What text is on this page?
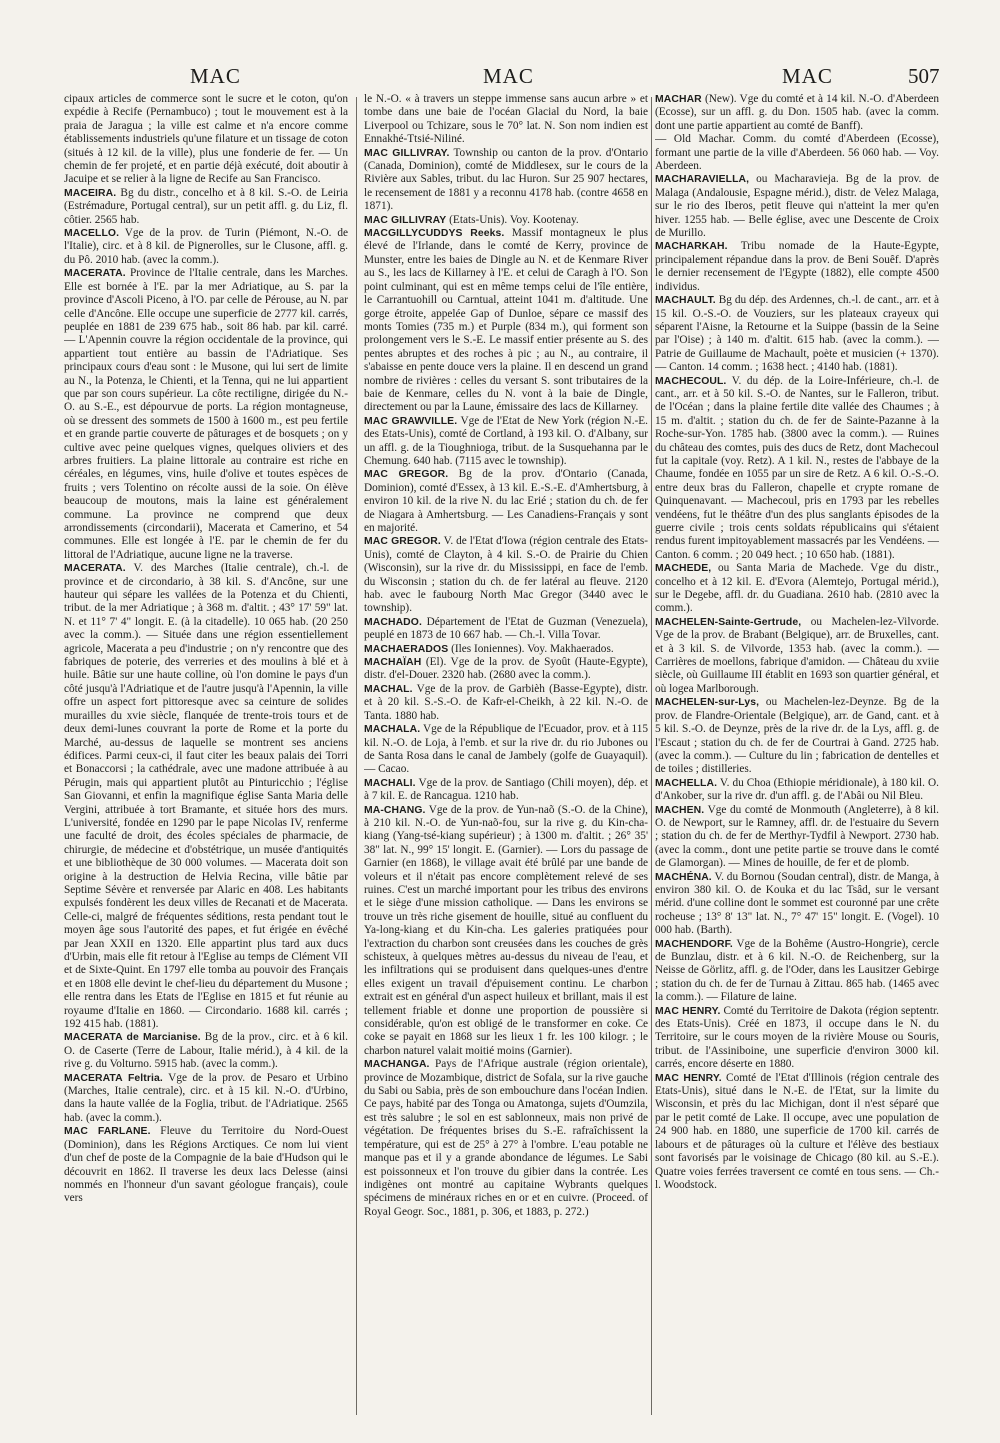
MAC	MAC	MAC	507

cipaux articles de commerce sont le sucre et le coton, qu'on expédie à Recife (Pernambuco) ; tout le mouvement est à la praia de Jaragua ; la ville est calme et n'a encore comme établissements industriels qu'une filature et un tissage de coton (situés à 12 kil. de la ville), plus une fonderie de fer. — Un chemin de fer projeté, et en partie déjà exécuté, doit aboutir à Jacuipe et se relier à la ligne de Recife au San Francisco.

MACEIRA. Bg du distr., concelho et à 8 kil. S.-O. de Leiria (Estrémadure, Portugal central), sur un petit affl. g. du Liz, fl. côtier. 2565 hab.

MACELLO. Vge de la prov. de Turin (Piémont, N.-O. de l'Italie), circ. et à 8 kil. de Pignerolles, sur le Clusone, affl. g. du Pô. 2010 hab. (avec la comm.).

MACERATA. Province de l'Italie centrale, dans les Marches. Elle est bornée à l'E. par la mer Adriatique, au S. par la province d'Ascoli Piceno, à l'O. par celle de Pérouse, au N. par celle d'Ancône. Elle occupe une superficie de 2777 kil. carrés, peuplée en 1881 de 239 675 hab., soit 86 hab. par kil. carré. — L'Apennin couvre la région occidentale de la province, qui appartient tout entière au bassin de l'Adriatique. Ses principaux cours d'eau sont : le Musone, qui lui sert de limite au N., la Potenza, le Chienti, et la Tenna, qui ne lui appartient que par son cours supérieur. La côte rectiligne, dirigée du N.-O. au S.-E., est dépourvue de ports. La région montagneuse, où se dressent des sommets de 1500 à 1600 m., est peu fertile et en grande partie couverte de pâturages et de bosquets ; on y cultive avec peine quelques vignes, quelques oliviers et des arbres fruitiers. La plaine littorale au contraire est riche en céréales, en légumes, vins, huile d'olive et toutes espèces de fruits ; vers Tolentino on récolte aussi de la soie. On élève beaucoup de moutons, mais la laine est généralement commune. La province ne comprend que deux arrondissements (circondarii), Macerata et Camerino, et 54 communes. Elle est longée à l'E. par le chemin de fer du littoral de l'Adriatique, aucune ligne ne la traverse.

MACERATA. V. des Marches (Italie centrale), ch.-l. de province et de circondario, à 38 kil. S. d'Ancône, sur une hauteur qui sépare les vallées de la Potenza et du Chienti, tribut. de la mer Adriatique ; à 368 m. d'altit. ; 43° 17' 59" lat. N. et 11° 7' 4" longit. E. (à la citadelle). 10 065 hab. (20 250 avec la comm.). — Située dans une région essentiellement agricole, Macerata a peu d'industrie ; on n'y rencontre que des fabriques de poterie, des verreries et des moulins à blé et à huile. Bâtie sur une haute colline, où l'on domine le pays d'un côté jusqu'à l'Adriatique et de l'autre jusqu'à l'Apennin, la ville offre un aspect fort pittoresque avec sa ceinture de solides murailles du xvie siècle, flanquée de trente-trois tours et de deux demi-lunes couvrant la porte de Rome et la porte du Marché, au-dessus de laquelle se montrent ses anciens édifices. Parmi ceux-ci, il faut citer les beaux palais dei Torri et Bonaccorsi ; la cathédrale, avec une madone attribuée à au Pérugin, mais qui appartient plutôt au Pinturicchio ; l'église San Giovanni, et enfin la magnifique église Santa Maria delle Vergini, attribuée à tort Bramante, et située hors des murs. L'université, fondée en 1290 par le pape Nicolas IV, renferme une faculté de droit, des écoles spéciales de pharmacie, de chirurgie, de médecine et d'obstétrique, un musée d'antiquités et une bibliothèque de 30 000 volumes. — Macerata doit son origine à la destruction de Helvia Recina, ville bâtie par Septime Sévère et renversée par Alaric en 408. Les habitants expulsés fondèrent les deux villes de Recanati et de Macerata. Celle-ci, malgré de fréquentes séditions, resta pendant tout le moyen âge sous l'autorité des papes, et fut érigée en évêché par Jean XXII en 1320. Elle appartint plus tard aux ducs d'Urbin, mais elle fit retour à l'Eglise au temps de Clément VII et de Sixte-Quint. En 1797 elle tomba au pouvoir des Français et en 1808 elle devint le chef-lieu du département du Musone ; elle rentra dans les Etats de l'Eglise en 1815 et fut réunie au royaume d'Italie en 1860. — Circondario. 1688 kil. carrés ; 192 415 hab. (1881).

MACERATA de Marcianise. Bg de la prov., circ. et à 6 kil. O. de Caserte (Terre de Labour, Italie mérid.), à 4 kil. de la rive g. du Volturno. 5915 hab. (avec la comm.).

MACERATA Feltria. Vge de la prov. de Pesaro et Urbino (Marches, Italie centrale), circ. et à 15 kil. N.-O. d'Urbino, dans la haute vallée de la Foglia, tribut. de l'Adriatique. 2565 hab. (avec la comm.).

MAC FARLANE. Fleuve du Territoire du Nord-Ouest (Dominion), dans les Régions Arctiques. Ce nom lui vient d'un chef de poste de la Compagnie de la baie d'Hudson qui le découvrit en 1862. Il traverse les deux lacs Delesse (ainsi nommés en l'honneur d'un savant géologue français), coule vers

le N.-O. « à travers un steppe immense sans aucun arbre » et tombe dans une baie de l'océan Glacial du Nord, la baie Liverpool ou Tchizare, sous le 70° lat. N. Son nom indien est Ennakhé-Ttsié-Niliné.

MAC GILLIVRAY. Township ou canton de la prov. d'Ontario (Canada, Dominion), comté de Middlesex, sur le cours de la Rivière aux Sables, tribut. du lac Huron. Sur 25 907 hectares, le recensement de 1881 y a reconnu 4178 hab. (contre 4658 en 1871).

MAC GILLIVRAY (Etats-Unis). Voy. Kootenay.

MACGILLYCUDDYS Reeks. Massif montagneux le plus élevé de l'Irlande, dans le comté de Kerry, province de Munster, entre les baies de Dingle au N. et de Kenmare River au S., les lacs de Killarney à l'E. et celui de Caragh à l'O. Son point culminant, qui est en même temps celui de l'île entière, le Carrantuohill ou Carntual, atteint 1041 m. d'altitude. Une gorge étroite, appelée Gap of Dunloe, sépare ce massif des monts Tomies (735 m.) et Purple (834 m.), qui forment son prolongement vers le S.-E. Le massif entier présente au S. des pentes abruptes et des roches à pic ; au N., au contraire, il s'abaisse en pente douce vers la plaine. Il en descend un grand nombre de rivières : celles du versant S. sont tributaires de la baie de Kenmare, celles du N. vont à la baie de Dingle, directement ou par la Laune, émissaire des lacs de Killarney.

MAC GRAWVILLE. Vge de l'Etat de New York (région N.-E. des Etats-Unis), comté de Cortland, à 193 kil. O. d'Albany, sur un affl. g. de la Tioughnioga, tribut. de la Susquehanna par le Chemung. 640 hab. (7115 avec le township).

MAC GREGOR. Bg de la prov. d'Ontario (Canada, Dominion), comté d'Essex, à 13 kil. E.-S.-E. d'Amhertsburg, à environ 10 kil. de la rive N. du lac Erié ; station du ch. de fer de Niagara à Amhertsburg. — Les Canadiens-Français y sont en majorité.

MAC GREGOR. V. de l'Etat d'Iowa (région centrale des Etats-Unis), comté de Clayton, à 4 kil. S.-O. de Prairie du Chien (Wisconsin), sur la rive dr. du Mississippi, en face de l'emb. du Wisconsin ; station du ch. de fer latéral au fleuve. 2120 hab. avec le faubourg North Mac Gregor (3440 avec le township).

MACHADO. Département de l'Etat de Guzman (Venezuela), peuplé en 1873 de 10 667 hab. — Ch.-l. Villa Tovar.

MACHAERADOS (Iles Ioniennes). Voy. Makhaerados.

MACHAÏAH (El). Vge de la prov. de Syoût (Haute-Egypte), distr. d'el-Douer. 2320 hab. (2680 avec la comm.).

MACHAL. Vge de la prov. de Garbièh (Basse-Egypte), distr. et à 20 kil. S.-S.-O. de Kafr-el-Cheikh, à 22 kil. N.-O. de Tanta. 1880 hab.

MACHALA. Vge de la République de l'Ecuador, prov. et à 115 kil. N.-O. de Loja, à l'emb. et sur la rive dr. du rio Jubones ou de Santa Rosa dans le canal de Jambely (golfe de Guayaquil). — Cacao.

MACHALI. Vge de la prov. de Santiago (Chili moyen), dép. et à 7 kil. E. de Rancagua. 1210 hab.

MA-CHANG. Vge de la prov. de Yun-naõ (S.-O. de la Chine), à 210 kil. N.-O. de Yun-naõ-fou, sur la rive g. du Kin-cha-kiang (Yang-tsé-kiang supérieur) ; à 1300 m. d'altit. ; 26° 35' 38" lat. N., 99° 15' longit. E. (Garnier). — Lors du passage de Garnier (en 1868), le village avait été brûlé par une bande de voleurs et il n'était pas encore complètement relevé de ses ruines. C'est un marché important pour les tribus des environs et le siège d'une mission catholique. — Dans les environs se trouve un très riche gisement de houille, situé au confluent du Ya-long-kiang et du Kin-cha. Les galeries pratiquées pour l'extraction du charbon sont creusées dans les couches de grès schisteux, à quelques mètres au-dessus du niveau de l'eau, et les infiltrations qui se produisent dans quelques-unes d'entre elles exigent un travail d'épuisement continu. Le charbon extrait est en général d'un aspect huileux et brillant, mais il est tellement friable et donne une proportion de poussière si considérable, qu'on est obligé de le transformer en coke. Ce coke se payait en 1868 sur les lieux 1 fr. les 100 kilogr. ; le charbon naturel valait moitié moins (Garnier).

MACHANGA. Pays de l'Afrique australe (région orientale), province de Mozambique, district de Sofala, sur la rive gauche du Sabi ou Sabia, près de son embouchure dans l'océan Indien. Ce pays, habité par des Tonga ou Amatonga, sujets d'Oumzila, est très salubre ; le sol en est sablonneux, mais non privé de végétation. De fréquentes brises du S.-E. rafraîchissent la température, qui est de 25° à 27° à l'ombre. L'eau potable ne manque pas et il y a grande abondance de légumes. Le Sabi est poissonneux et l'on trouve du gibier dans la contrée. Les indigènes ont montré au capitaine Wybrants quelques spécimens de minéraux riches en or et en cuivre. (Proceed. of Royal Geogr. Soc., 1881, p. 306, et 1883, p. 272.)

MACHAR (New). Vge du comté et à 14 kil. N.-O. d'Aberdeen (Ecosse), sur un affl. g. du Don. 1505 hab. (avec la comm. dont une partie appartient au comté de Banff).

— Old Machar. Comm. du comté d'Aberdeen (Ecosse), formant une partie de la ville d'Aberdeen. 56 060 hab. — Voy. Aberdeen.

MACHARAVIELLA, ou Macharavieja. Bg de la prov. de Malaga (Andalousie, Espagne mérid.), distr. de Velez Malaga, sur le rio des Iberos, petit fleuve qui n'atteint la mer qu'en hiver. 1255 hab. — Belle église, avec une Descente de Croix de Murillo.

MACHARKAH. Tribu nomade de la Haute-Egypte, principalement répandue dans la prov. de Beni Souêf. D'après le dernier recensement de l'Egypte (1882), elle compte 4500 individus.

MACHAULT. Bg du dép. des Ardennes, ch.-l. de cant., arr. et à 15 kil. O.-S.-O. de Vouziers, sur les plateaux crayeux qui séparent l'Aisne, la Retourne et la Suippe (bassin de la Seine par l'Oise) ; à 140 m. d'altit. 615 hab. (avec la comm.). — Patrie de Guillaume de Machault, poète et musicien (+ 1370). — Canton. 14 comm. ; 1638 hect. ; 4140 hab. (1881).

MACHECOUL. V. du dép. de la Loire-Inférieure, ch.-l. de cant., arr. et à 50 kil. S.-O. de Nantes, sur le Falleron, tribut. de l'Océan ; dans la plaine fertile dite vallée des Chaumes ; à 15 m. d'altit. ; station du ch. de fer de Sainte-Pazanne à la Roche-sur-Yon. 1785 hab. (3800 avec la comm.). — Ruines du château des comtes, puis des ducs de Retz, dont Machecoul fut la capitale (voy. Retz). A 1 kil. N., restes de l'abbaye de la Chaume, fondée en 1055 par un sire de Retz. A 6 kil. O.-S.-O. entre deux bras du Falleron, chapelle et crypte romane de Quinquenavant. — Machecoul, pris en 1793 par les rebelles vendéens, fut le théâtre d'un des plus sanglants épisodes de la guerre civile ; trois cents soldats républicains qui s'étaient rendus furent impitoyablement massacrés par les Vendéens. — Canton. 6 comm. ; 20 049 hect. ; 10 650 hab. (1881).

MACHEDE, ou Santa Maria de Machede. Vge du distr., concelho et à 12 kil. E. d'Evora (Alemtejo, Portugal mérid.), sur le Degebe, affl. dr. du Guadiana. 2610 hab. (2810 avec la comm.).

MACHELEN-Sainte-Gertrude, ou Machelen-lez-Vilvorde. Vge de la prov. de Brabant (Belgique), arr. de Bruxelles, cant. et à 3 kil. S. de Vilvorde, 1353 hab. (avec la comm.). — Carrières de moellons, fabrique d'amidon. — Château du xviie siècle, où Guillaume III établit en 1693 son quartier général, et où logea Marlborough.

MACHELEN-sur-Lys, ou Machelen-lez-Deynze. Bg de la prov. de Flandre-Orientale (Belgique), arr. de Gand, cant. et à 5 kil. S.-O. de Deynze, près de la rive dr. de la Lys, affl. g. de l'Escaut ; station du ch. de fer de Courtrai à Gand. 2725 hab. (avec la comm.). — Culture du lin ; fabrication de dentelles et de toiles ; distilleries.

MACHELLA. V. du Choa (Ethiopie méridionale), à 180 kil. O. d'Ankober, sur la rive dr. d'un affl. g. de l'Abâi ou Nil Bleu.

MACHEN. Vge du comté de Monmouth (Angleterre), à 8 kil. O. de Newport, sur le Ramney, affl. dr. de l'estuaire du Severn ; station du ch. de fer de Merthyr-Tydfil à Newport. 2730 hab. (avec la comm., dont une petite partie se trouve dans le comté de Glamorgan). — Mines de houille, de fer et de plomb.

MACHÉNA. V. du Bornou (Soudan central), distr. de Manga, à environ 380 kil. O. de Kouka et du lac Tsâd, sur le versant mérid. d'une colline dont le sommet est couronné par une crête rocheuse ; 13° 8' 13" lat. N., 7° 47' 15" longit. E. (Vogel). 10 000 hab. (Barth).

MACHENDORF. Vge de la Bohême (Austro-Hongrie), cercle de Bunzlau, distr. et à 6 kil. N.-O. de Reichenberg, sur la Neisse de Görlitz, affl. g. de l'Oder, dans les Lausitzer Gebirge ; station du ch. de fer de Turnau à Zittau. 865 hab. (1465 avec la comm.). — Filature de laine.

MAC HENRY. Comté du Territoire de Dakota (région septentr. des Etats-Unis). Créé en 1873, il occupe dans le N. du Territoire, sur le cours moyen de la rivière Mouse ou Souris, tribut. de l'Assiniboine, une superficie d'environ 3000 kil. carrés, encore déserte en 1880.

MAC HENRY. Comté de l'Etat d'Illinois (région centrale des Etats-Unis), situé dans le N.-E. de l'Etat, sur la limite du Wisconsin, et près du lac Michigan, dont il n'est séparé que par le petit comté de Lake. Il occupe, avec une population de 24 900 hab. en 1880, une superficie de 1700 kil. carrés de labours et de pâturages où la culture et l'élève des bestiaux sont favorisés par le voisinage de Chicago (80 kil. au S.-E.). Quatre voies ferrées traversent ce comté en tous sens. — Ch.-l. Woodstock.
